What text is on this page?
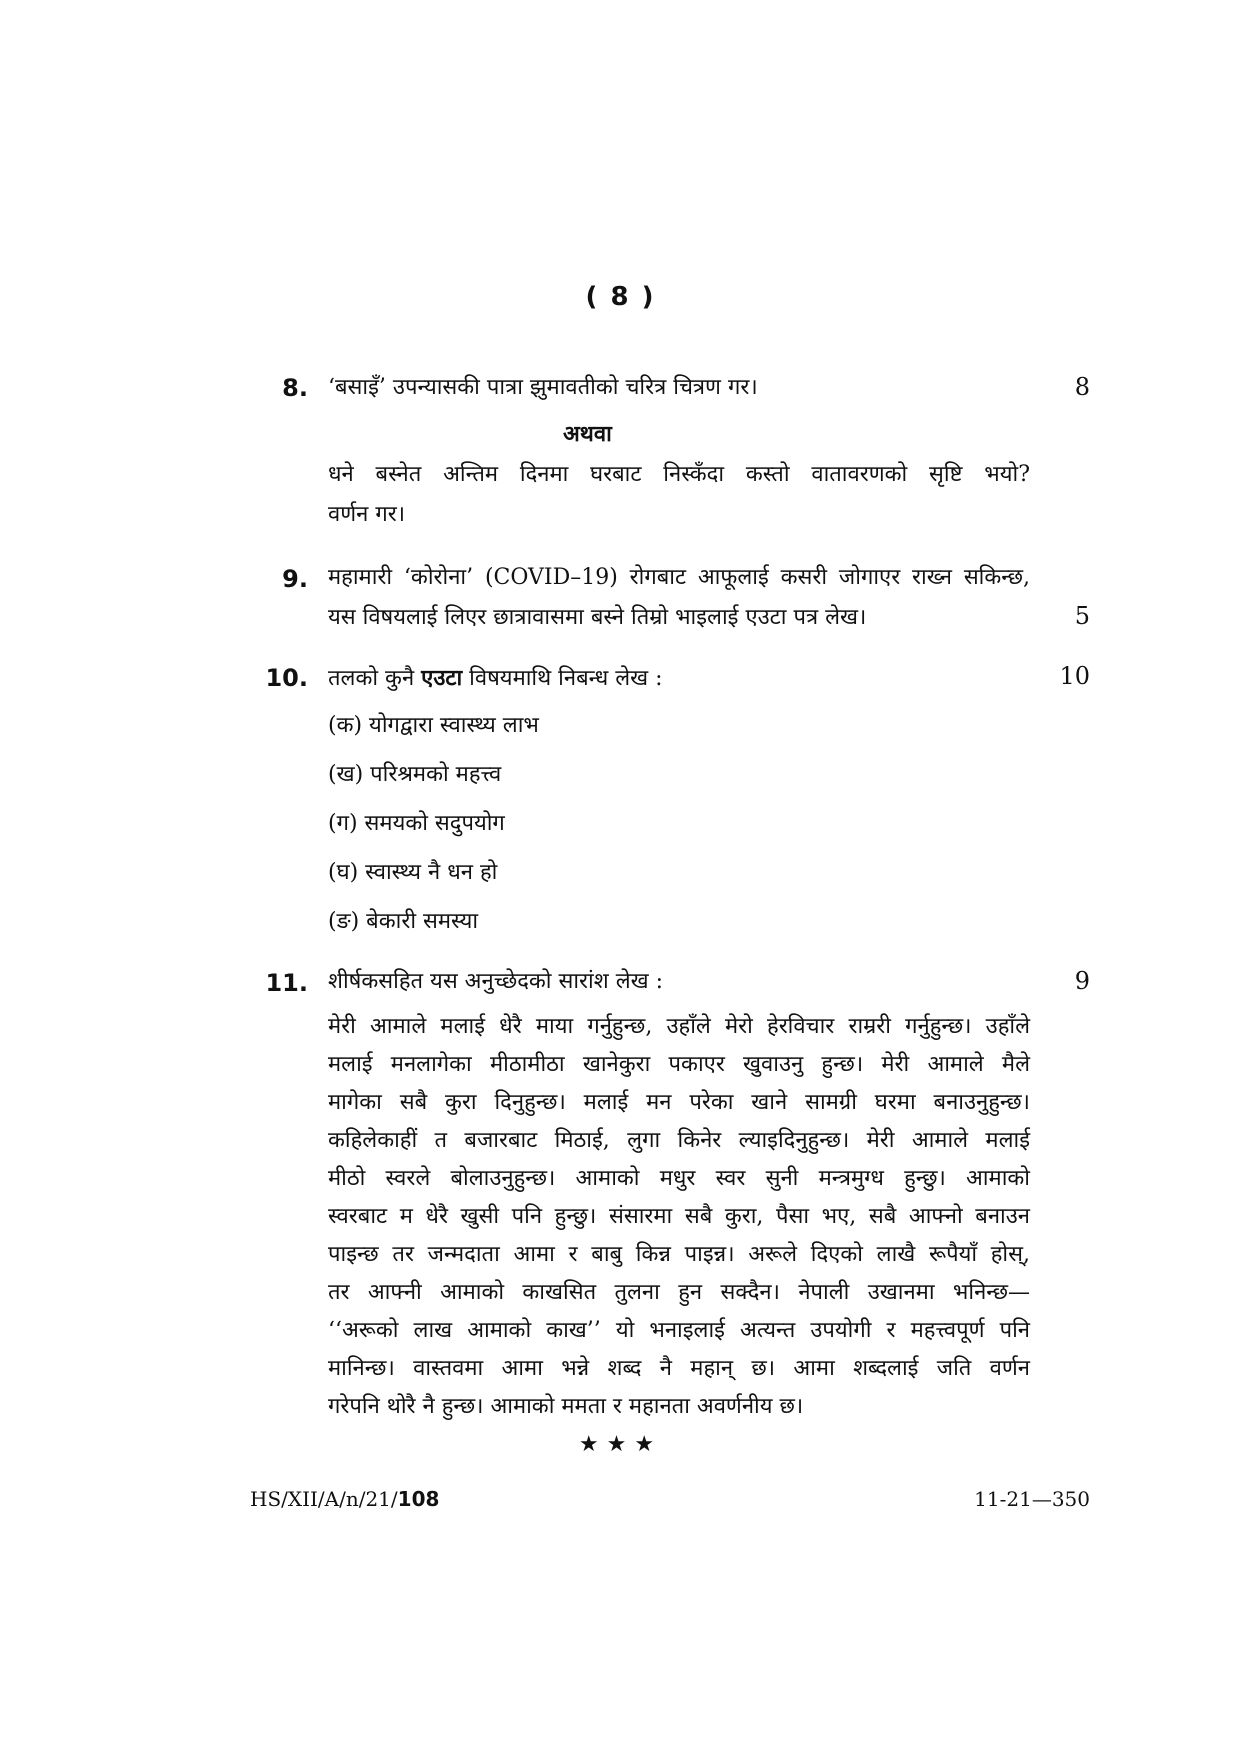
( 8 )
8. ‘बसाइँ’ उपन्यासकी पात्रा झुमावतीको चरित्र चित्रण गर।	8
अथवा
धने बस्नेत अन्तिम दिनमा घरबाट निस्कँदा कस्तो वातावरणको सृष्टि भयो?
वर्णन गर।
9. महामारी ‘कोरोना’ (COVID–19) रोगबाट आफूलाई कसरी जोगाएर राख्न सकिन्छ,
यस विषयलाई लिएर छात्रावासमा बस्ने तिम्रो भाइलाई एउटा पत्र लेख।	5
10. तलको कुनै एउटा विषयमाथि निबन्ध लेख :	10
(क) योगद्वारा स्वास्थ्य लाभ
(ख) परिश्रमको महत्त्व
(ग) समयको सदुपयोग
(घ) स्वास्थ्य नै धन हो
(ङ) बेकारी समस्या
11. शीर्षकसहित यस अनुच्छेदको सारांश लेख :	9
मेरी आमाले मलाई धेरै माया गर्नुहुन्छ, उहाँले मेरो हेरविचार राम्ररी गर्नुहुन्छ। उहाँले
मलाई मनलागेका मीठामीठा खानेकुरा पकाएर खुवाउनु हुन्छ। मेरी आमाले मैले
मागेका सबै कुरा दिनुहुन्छ। मलाई मन परेका खाने सामग्री घरमा बनाउनुहुन्छ।
कहिलेकाहीं त बजारबाट मिठाई, लुगा किनेर ल्याइदिनुहुन्छ। मेरी आमाले मलाई
मीठो स्वरले बोलाउनुहुन्छ। आमाको मधुर स्वर सुनी मन्त्रमुग्ध हुन्छु। आमाको
स्वरबाट म धेरै खुसी पनि हुन्छु। संसारमा सबै कुरा, पैसा भए, सबै आफ्नो बनाउन
पाइन्छ तर जन्मदाता आमा र बाबु किन्न पाइन्न। अरूले दिएको लाखै रूपैयाँ होस्,
तर आफ्नी आमाको काखसित तुलना हुन सक्दैन। नेपाली उखानमा भनिन्छ—
‘‘अरूको लाख आमाको काख’’ यो भनाइलाई अत्यन्त उपयोगी र महत्त्वपूर्ण पनि
मानिन्छ। वास्तवमा आमा भन्ने शब्द नै महान् छ। आमा शब्दलाई जति वर्णन
गरेपनि थोरै नै हुन्छ। आमाको ममता र महानता अवर्णनीय छ।
★★★
HS/XII/A/n/21/108	11-21—350
